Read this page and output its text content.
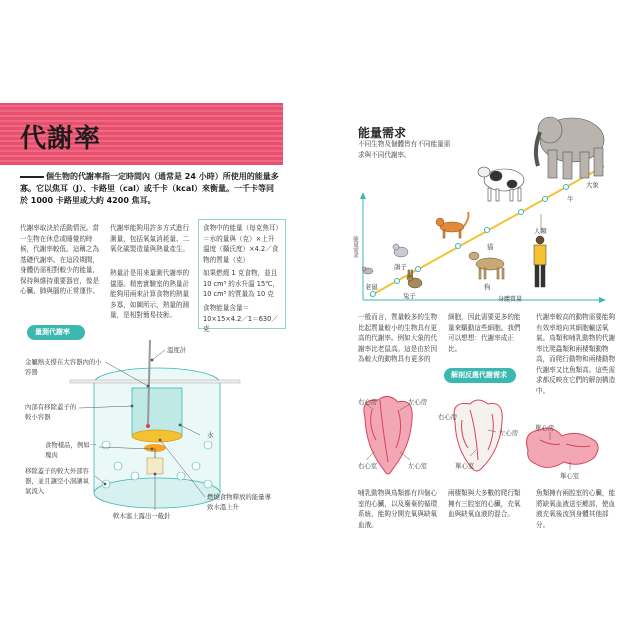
代謝率
個生物的代謝率指一定時間內（通常是 24 小時）所使用的能量多寡。它以焦耳（J）、卡路里（cal）或千卡（kcal）來衡量。一千卡等同於 1000 卡路里或大約 4200 焦耳。
代謝率取決於活動情況。當一生物在休息或睡覺的時候，代謝率較低。這稱之為基礎代謝率。在這段期間，身體仍需相對較少的能量，保持與維持重要器官，像是心臟、肺與腦的正常運作。
代謝率能夠用許多方式進行測量，包括氧氣消耗量、二氧化碳製造量與熱量產生。
熱量計是用來量測代謝率的儀器。精密實驗室的熱量計能夠用兩來計算食物的熱量多寡，如圖所示，熱量的測量，是相對簡易技術。
食物中的能量（每克焦耳）＝水的量與（克）×上升溫度（攝氏度）×4.2／食物的質量（克）
如果燃燒 1 克食物，並且 10 cm³ 的水升溫 15℃，10 cm³ 的質量為 10 克
食物能量含量＝10×15×4.2／1＝630／克
量測代謝率
金屬熱支撐在大容器內的小容器
溫度計
內部有移除蓋子的較小容器
食物樣品，例如一塊肉
水
移除蓋子的較大外部容器，並且讓空小洞讓氧氣流入
燃燒食物釋放的能量導致水溫上升
軟木塞上露出一截針
能量需求
不同生物及個體皆有不同能量需求與不同代謝率。
能量需求
身體質量
大象
牛
貓
人類
鴿子
狗
老鼠
兔子
一般而言，質量較多的生物比起質量較小的生物具有更高的代謝率。例如大象的代謝率比老鼠高。這是由於因為較大的動物具有更多的
細胞，因此需要更多的能量來驅動這些細胞。我們可以想想：代謝率成正比。
代謝率較高的動物需要能夠有效率地向其細胞輸送氧氣。鳥類和哺乳動物的代謝率比爬蟲類和兩棲類動物高，而爬行動物和兩棲動物代謝率又比魚類高。這些需求都反映在它們的解剖構造中。
解剖反應代謝需求
右心房	左心房
右心室	左心室
右心房
左心房
單心室
單心房
單心室
哺乳動物與鳥類都有四個心室的心臟，以及廢棄的循環系統，能夠分開充氧與缺氧血液。
兩棲類與大多數的爬行類擁有三腔室的心臟，充氧血與缺氧血液的混合。
魚類擁有兩腔室的心臟，能將缺氧血液送至鰓部，使血液充氧後流到身體其他部分。
